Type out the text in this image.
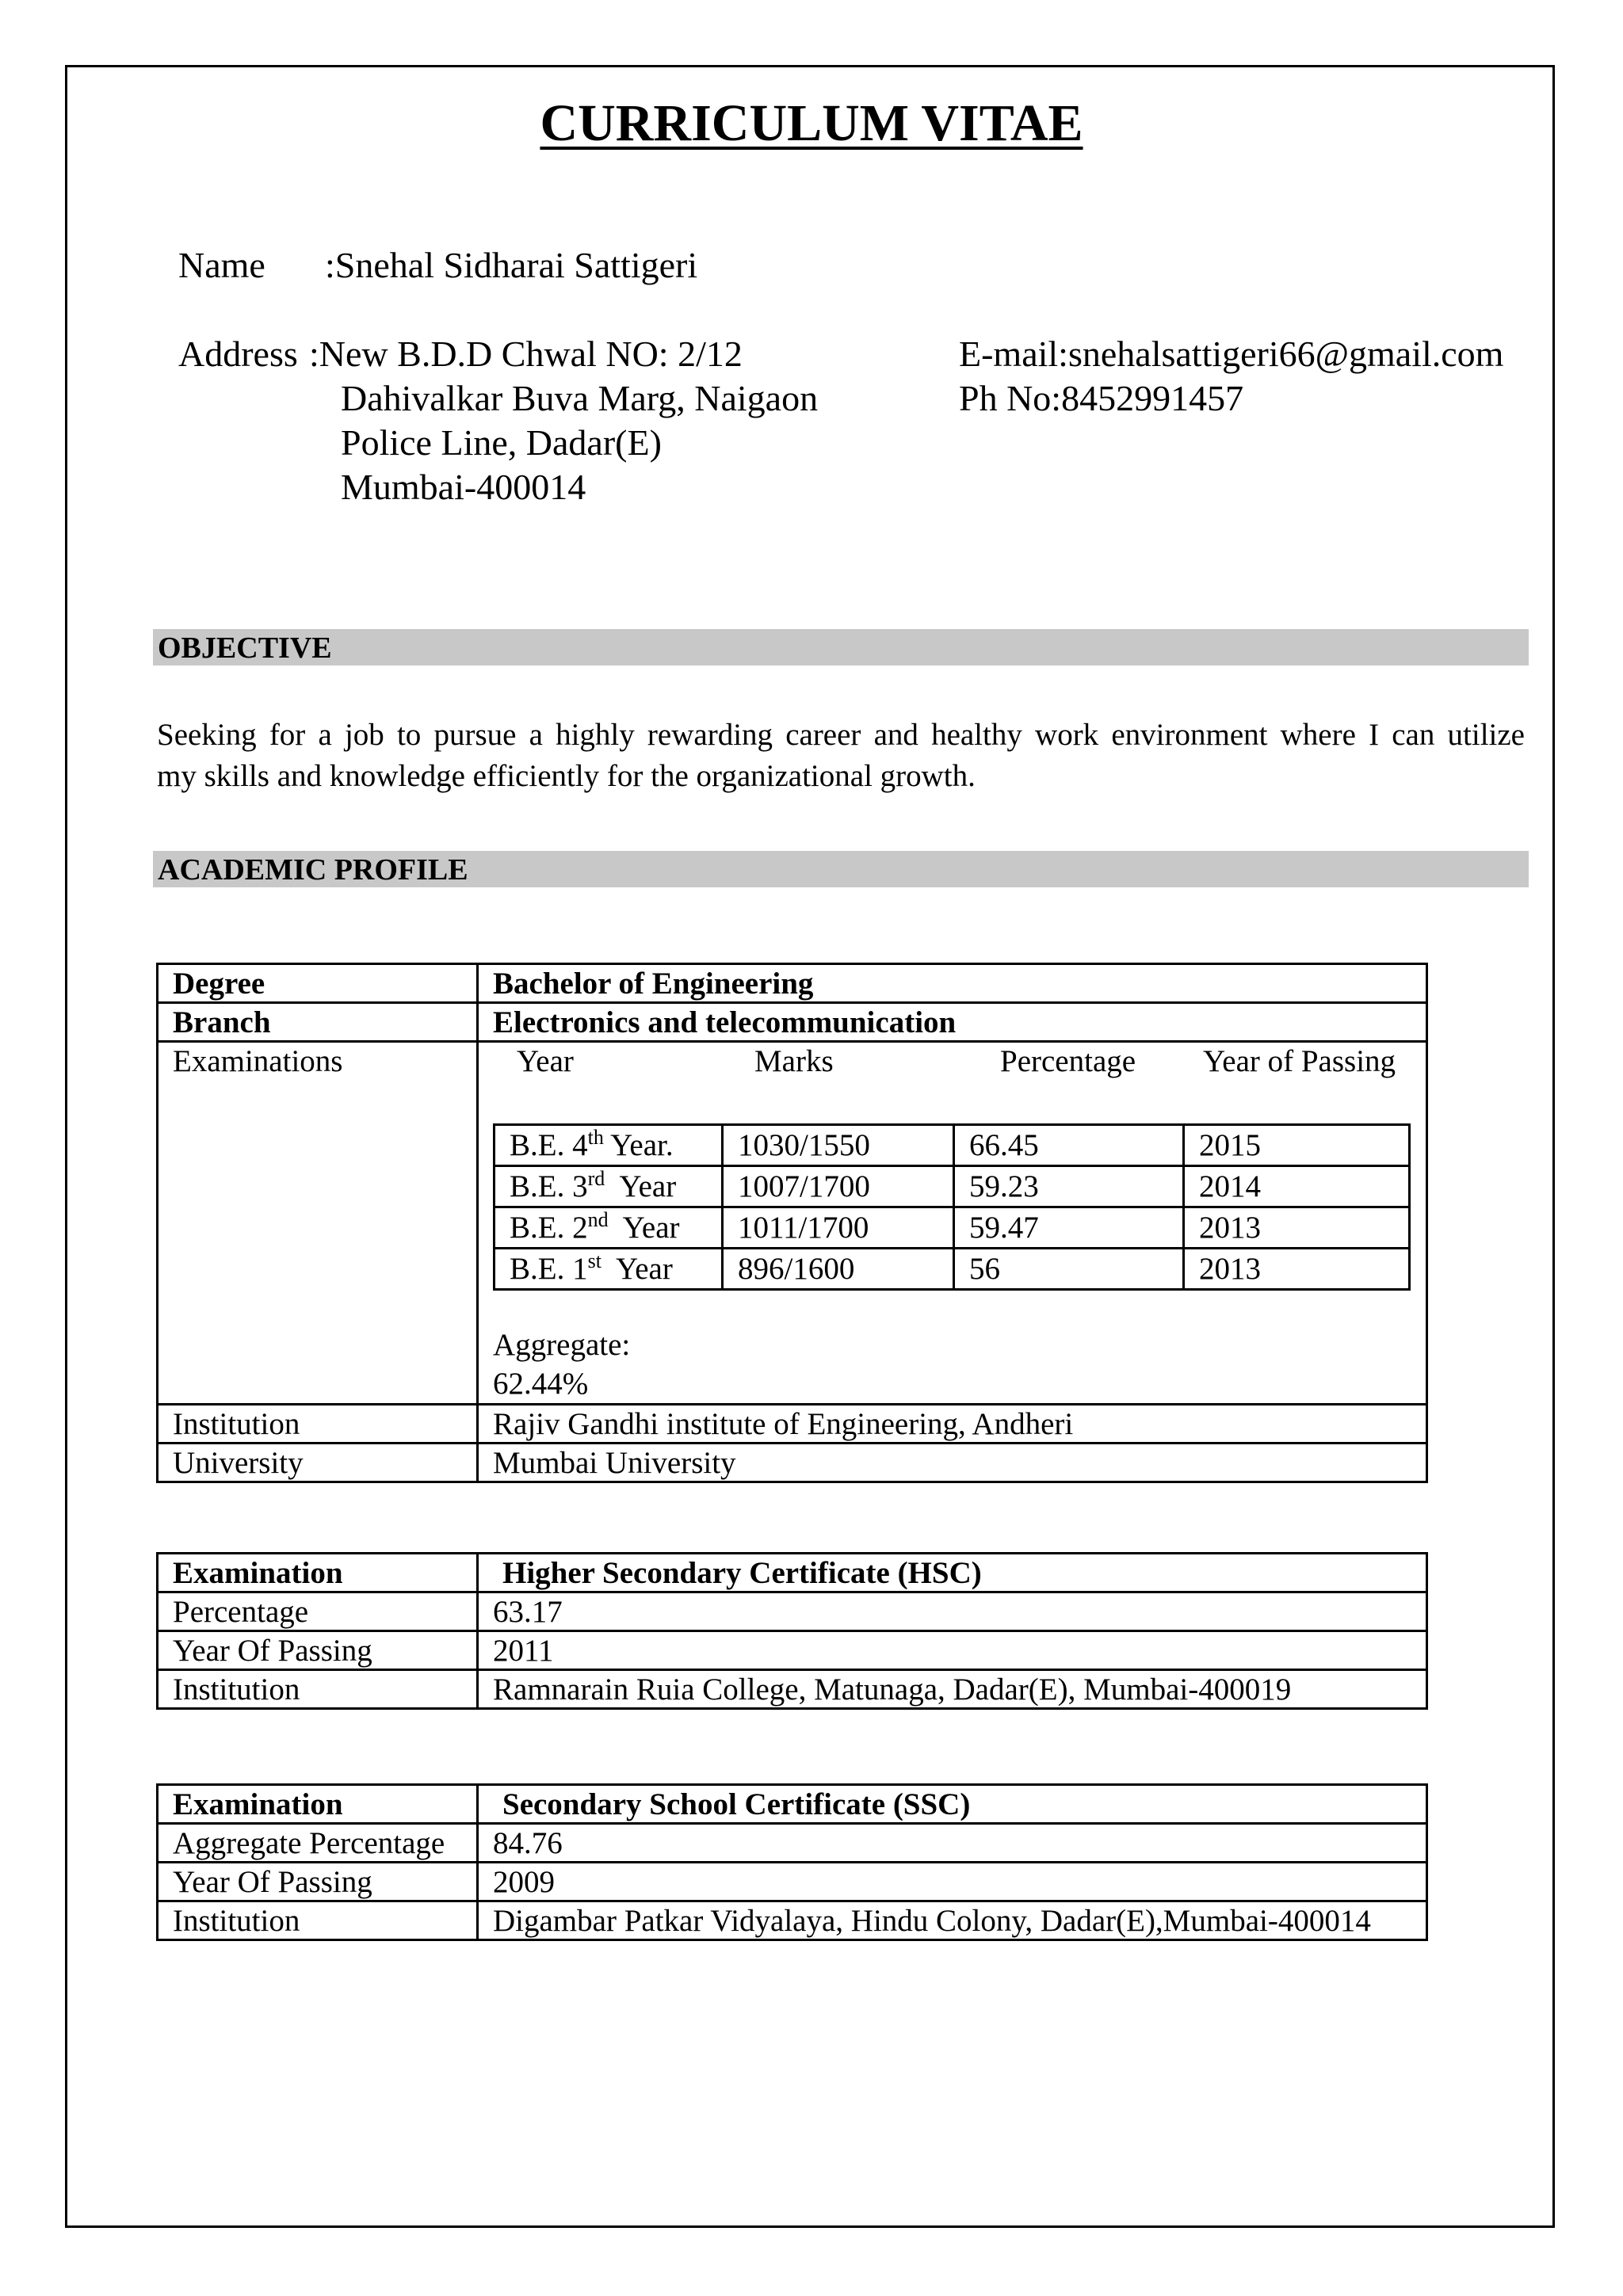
CURRICULUM VITAE
Name :Snehal Sidharai Sattigeri
Address :New B.D.D Chwal NO: 2/12
Dahivalkar Buva Marg, Naigaon
Police Line, Dadar(E)
Mumbai-400014
E-mail:snehalsattigeri66@gmail.com
Ph No:8452991457
OBJECTIVE

Seeking for a job to pursue a highly rewarding career and healthy work environment where I can utilize

my skills and knowledge efficiently for the organizational growth.

ACADEMIC PROFILE
Degree	Bachelor of Engineering
Branch	Electronics and telecommunication
Examinations	Year	Marks	Percentage Year of Passing
B.E. 4th Year.	1030/1550	66.45	2015
B.E. 3rd  Year	1007/1700	59.23	2014
B.E. 2nd  Year	1011/1700	59.47	2013
B.E. 1st  Year	896/1600	56	2013
Aggregate:
62.44%

Institution	Rajiv Gandhi institute of Engineering, Andheri
University	Mumbai University
Examination	Higher Secondary Certificate (HSC)
Percentage	63.17
Year Of Passing	2011
Institution	Ramnarain Ruia College, Matunaga, Dadar(E), Mumbai-400019
Examination	Secondary School Certificate (SSC)
Aggregate Percentage	84.76
Year Of Passing	2009
Institution	Digambar Patkar Vidyalaya, Hindu Colony, Dadar(E),Mumbai-400014
